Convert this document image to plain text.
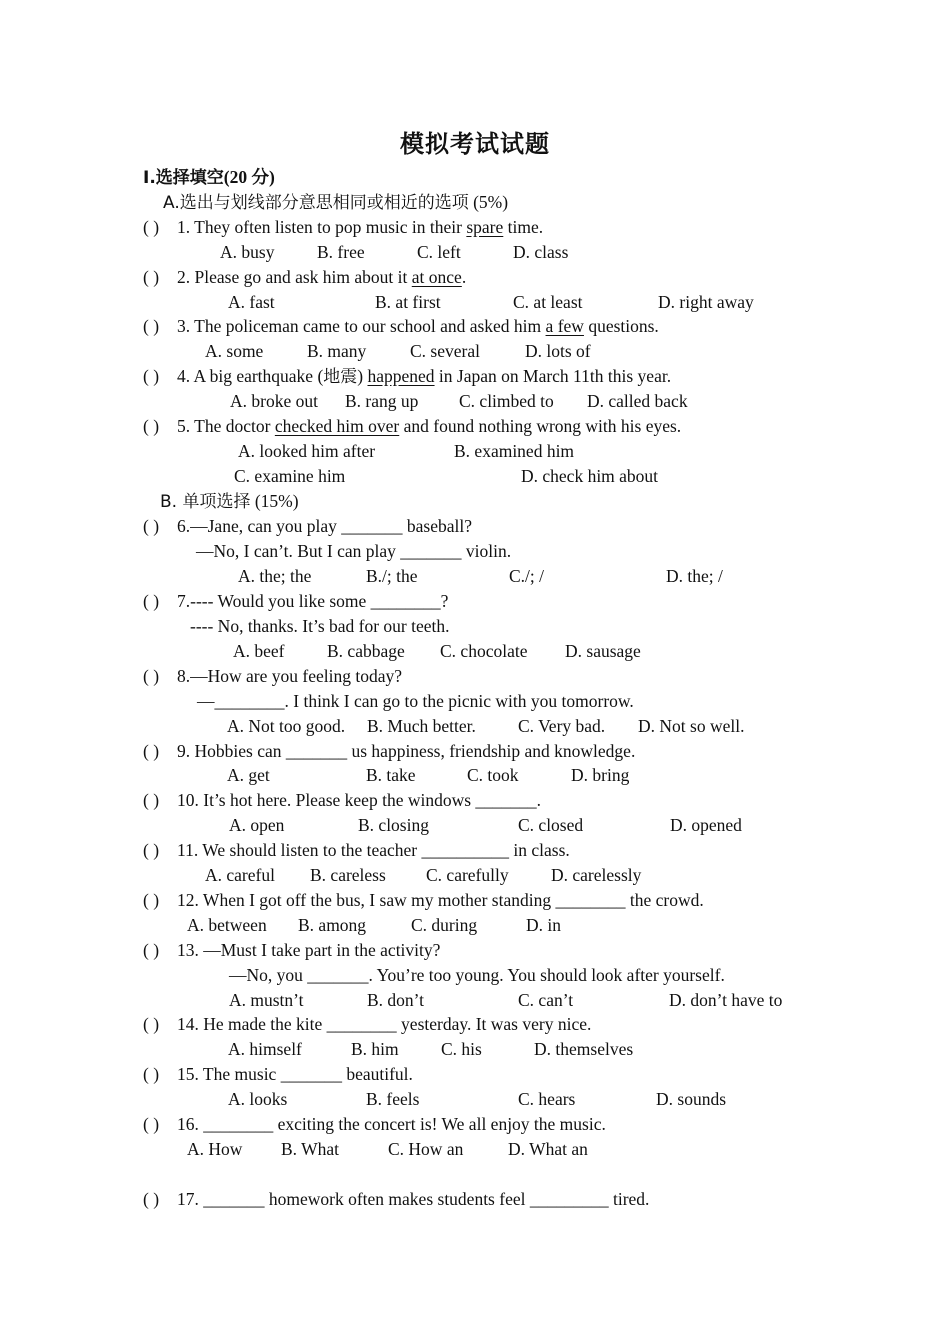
模拟考试试题
I.选择填空(20 分)
A.选出与划线部分意思相同或相近的选项 (5%)
( ) 1. They often listen to pop music in their spare time.
A. busy B. free	C. left	D. class
( ) 2. Please go and ask him about it at once.
A. fast	B. at first	C. at least	D. right away
( ) 3. The policeman came to our school and asked him a few questions.
A. some B. many C. several	D. lots of
( ) 4. A big earthquake (地震) happened in Japan on March 11th this year.
A. broke out B. rang up C. climbed to D. called back
( ) 5. The doctor checked him over and found nothing wrong with his eyes.
A. looked him after	B. examined him
C. examine him	D. check him about
B. 单项选择 (15%)
( ) 6.—Jane, can you play _______ baseball?
—No, I can’t. But I can play _______ violin.
A. the; the	B./; the	C./; /	D. the; /
( ) 7.---- Would you like some ________?
---- No, thanks. It’s bad for our teeth.
A. beef B. cabbage C. chocolate D. sausage
( ) 8.—How are you feeling today?
—________. I think I can go to the picnic with you tomorrow.
A. Not too good. B. Much better. C. Very bad. D. Not so well.
( ) 9. Hobbies can _______ us happiness, friendship and knowledge.
A. get	B. take	C. took	D. bring
( ) 10. It’s hot here. Please keep the windows _______.
A. open	B. closing	C. closed	D. opened
( ) 11. We should listen to the teacher __________ in class.
A. careful B. careless C. carefully D. carelessly
( ) 12. When I got off the bus, I saw my mother standing ________ the crowd.
A. between B. among	C. during	D. in
( ) 13. —Must I take part in the activity?
—No, you _______. You’re too young. You should look after yourself.
A. mustn’t	B. don’t	C. can’t	D. don’t have to
( ) 14. He made the kite ________ yesterday. It was very nice.
A. himself	B. him C. his	D. themselves
( ) 15. The music _______ beautiful.
A. looks	B. feels	C. hears	D. sounds
( ) 16. ________ exciting the concert is! We all enjoy the music.
A. How B. What	C. How an	D. What an
( ) 17. _______ homework often makes students feel _________ tired.
